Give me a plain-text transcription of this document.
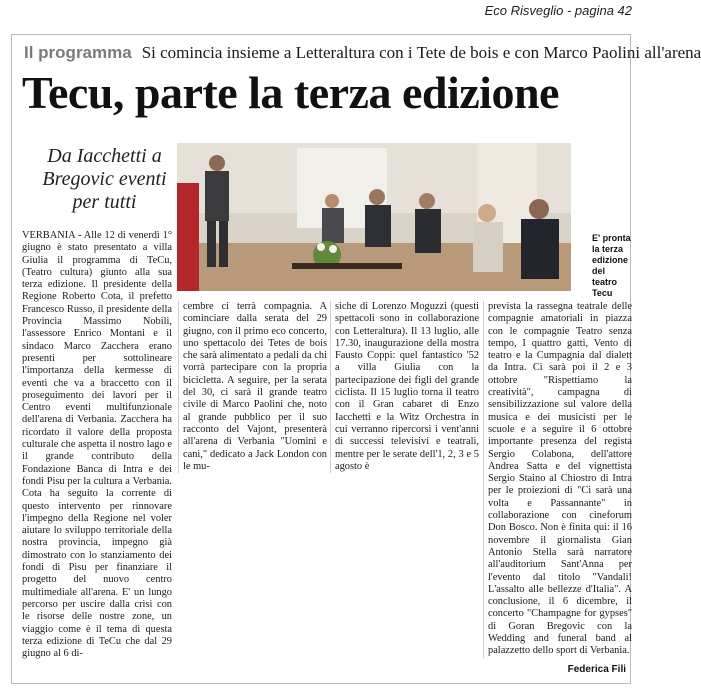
Eco Risveglio - pagina 42
Il programma Si comincia insieme a Letteraltura con i Tete de bois e con Marco Paolini all'arena
Tecu, parte la terza edizione
Da Iacchetti a Bregovic eventi per tutti
E' pronta la terza edizione del teatro Tecu
VERBANIA - Alle 12 di venerdì 1° giugno è stato presentato a villa Giulia il programma di TeCu, (Teatro cultura) giunto alla sua terza edizione. Il presidente della Regione Roberto Cota, il prefetto Francesco Russo, il presidente della Provincia Massimo Nobili, l'assessore Enrico Montani e il sindaco Marco Zacchera erano presenti per sottolineare l'importanza della kermesse di eventi che va a braccetto con il proseguimento dei lavori per il Centro eventi multifunzionale dell'arena di Verbania. Zacchera ha ricordato il valore della proposta culturale che aspetta il nostro lago e il grande contributo della Fondazione Banca di Intra e dei fondi Pisu per la cultura a Verbania. Cota ha seguito la corrente di questo intervento per rinnovare l'impegno della Regione nel voler aiutare lo sviluppo territoriale della nostra provincia, impegno già dimostrato con lo stanziamento dei fondi di Pisu per finanziare il progetto del nuovo centro multimediale all'arena. E' un lungo percorso per uscire dalla crisi con le risorse delle nostre zone, un viaggio come è il tema di questa terza edizione di TeCu che dal 29 giugno al 6 di-
cembre ci terrà compagnia. A cominciare dalla serata del 29 giugno, con il primo eco concerto, uno spettacolo dei Tetes de bois che sarà alimentato a pedali da chi vorrà partecipare con la propria bicicletta. A seguire, per la serata del 30, ci sarà il grande teatro civile di Marco Paolini che, noto al grande pubblico per il suo racconto del Vajont, presenterà all'arena di Verbania "Uomini e cani," dedicato a Jack London con le mu-
siche di Lorenzo Moguzzi (questi spettacoli sono in collaborazione con Letteraltura). Il 13 luglio, alle 17.30, inaugurazione della mostra Fausto Coppi: quel fantastico '52 a villa Giulia con la partecipazione dei figli del grande ciclista. Il 15 luglio torna il teatro con il Gran cabaret di Enzo Iacchetti e la Witz Orchestra in cui verranno ripercorsi i vent'anni di successi televisivi e teatrali, mentre per le serate dell'1, 2, 3 e 5 agosto è
prevista la rassegna teatrale delle compagnie amatoriali in piazza con le compagnie Teatro senza tempo, I quattro gatti, Vento di teatro e la Cumpagnia dal dialett da Intra. Ci sarà poi il 2 e 3 ottobre "Rispettiamo la creatività", campagna di sensibilizzazione sul valore della musica e dei musicisti per le scuole e a seguire il 6 ottobre importante presenza del regista Sergio Colabona, dell'attore Andrea Satta e del vignettista Sergio Staino al Chiostro di Intra per le proiezioni di "Ci sarà una volta e Passannante" in collaborazione con cineforum Don Bosco. Non è finita qui: il 16 novembre il giornalista Gian Antonio Stella sarà narratore all'auditorium Sant'Anna per l'evento dal titolo "Vandali! L'assalto alle bellezze d'Italia". A conclusione, il 6 dicembre, il concerto "Champagne for gypses" di Goran Bregovic con la Wedding and funeral band al palazzetto dello sport di Verbania.
Federica Fili
